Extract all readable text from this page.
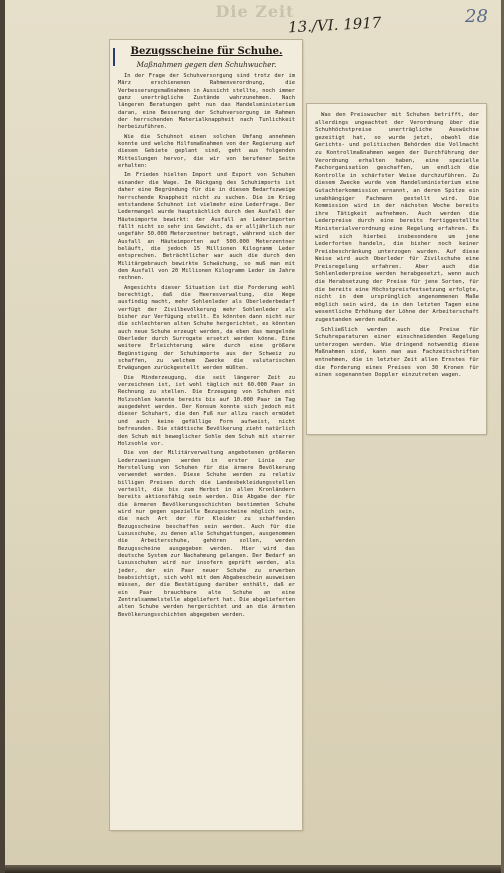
Die Zeit
13./VI. 1917	28
Bezugsscheine für Schuhe.
Maßnahmen gegen den Schuhwucher.

In der Frage der Schuhversorgung sind trotz der im März erschienenen Rahmenverordnung, die Verbesserungsmaßnahmen in Aussicht stellte, noch immer ganz unerträgliche Zustände wahrzunehmen. Nach längeren Beratungen geht nun das Handelsministerium daran, eine Besserung der Schuhversorgung im Rahmen der herrschenden Materialknappheit nach Tunlichkeit herbeizuführen.

Wie die Schuhnot einen solchen Umfang annehmen konnte und welche Hilfsmaßnahmen von der Regierung auf diesem Gebiete geplant sind, geht aus folgenden Mitteilungen hervor, die wir von berufener Seite erhalten:

Im Frieden hielten Import und Export von Schuhen einander die Wage. Im Rückgang des Schuhimports ist daher eine Begründung für die in diesem Bedarfszweige herrschende Knappheit nicht zu suchen. Die im Krieg entstandene Schuhnot ist vielmehr eine Lederfrage. Der Ledermangel wurde hauptsächlich durch den Ausfall der Häuteimporte bewirkt: der Ausfall an Lederimporten fällt nicht so sehr ins Gewicht, da er alljährlich nur ungefähr 50.000 Meterzentner betragt, während sich der Ausfall an Häuteimporten auf 500.000 Meterzentner beläuft, die jedoch 15 Millionen Kilogramm Leder entsprechen. Beträchtlicher war auch die durch den Militärgebrauch bewirkte Schwächung, so muß man mit dem Ausfall von 20 Millionen Kilogramm Leder im Jahre rechnen.

Angesichts dieser Situation ist die Forderung wohl berechtigt, daß die Heeresverwaltung, die Wege ausfindig macht, mehr Sohlenleder als Oberlederbedarf verfügt der Zivilbevölkerung mehr Sohlenleder als bisher zur Verfügung stellt. Es könnten dann nicht nur die schlechteren alten Schuhe hergerichtet, es könnten auch neue Schuhe erzeugt werden, da eben das mangelnde Oberleder durch Surrogate ersetzt werden könne. Eine weitere Erleichterung wäre durch eine größere Begünstigung der Schuhimporte aus der Schweiz zu schaffen, zu welchem Zwecke die valutarischen Erwägungen zurückgestellt werden müßten.

Die Minderzeugung, die seit längerer Zeit zu verzeichnen ist, ist wohl täglich mit 60.000 Paar in Rechnung zu stellen. Die Erzeugung von Schuhen mit Holzsohlen kannte bereits bis auf 10.000 Paar im Tag ausgedehnt werden. Der Konsum konnte sich jedoch mit dieser Schuhart, die den Fuß nur allzu rasch ermüdet und auch keine gefällige Form aufweist, nicht befreunden. Die städtische Bevölkerung zieht natürlich den Schuh mit beweglicher Sohle dem Schuh mit starrer Holzsohle vor.

Die von der Militärverwaltung angebotenen größeren Lederzuweisungen werden in erster Linie zur Herstellung von Schuhen für die ärmere Bevölkerung verwendet werden. Diese Schuhe werden zu relativ billigen Preisen durch die Landesbekleidungsstellen verteilt, die bis zum Herbst in allen Kronländern bereits aktionsfähig sein werden. Die Abgabe der für die ärmeren Bevölkerungsschichten bestimmten Schuhe wird nur gegen spezielle Bezugsscheine möglich sein, die nach Art der für Kleider zu schaffenden Bezugsscheine beschaffen sein werden. Auch für die Luxusschuhe, zu denen alle Schuhgattungen, ausgenommen die Arbeiterschuhe, gehören sollen, werden Bezugsscheine ausgegeben werden. Hier wird das deutsche System zur Nachahmung gelangen. Der Bedarf an Luxusschuhen wird nur insofern geprüft werden, als jeder, der ein Paar neuer Schuhe zu erwerben beabsichtigt, sich wohl mit dem Abgabeschein ausweisen müssen, der die Bestätigung darüber enthält, daß er ein Paar brauchbare alte Schuhe an eine Zentralsammelstelle abgeliefert hat. Die abgelieferten alten Schuhe werden hergerichtet und an die ärmsten Bevölkerungsschichten abgegeben werden.

Was den Preiswucher mit Schuhen betrifft, der allerdings ungeachtet der Verordnung über die Schuhhöchstpreise unerträgliche Auswüchse gezeitigt hat, so wurde jetzt, obwohl die Gerichts- und politischen Behörden die Vollmacht zu Kontrollmaßnahmen wegen der Durchführung der Verordnung erhalten haben, eine spezielle Fachorganisation geschaffen, um endlich die Kontrolle in schärfster Weise durchzuführen. Zu diesem Zwecke wurde vom Handelsministerium eine Gutachterkommission ernannt, an deren Spitze ein unabhängiger Fachmann gestellt wird. Die Kommission wird in der nächsten Woche bereits ihre Tätigkeit aufnehmen. Auch werden die Lederpreise durch eine bereits fertiggestellte Ministerialverordnung eine Regelung erfahren. Es wird sich hierbei insbesondere um jene Lederforten handeln, die bisher noch keiner Preisbeschränkung unterzogen wurden. Auf diese Weise wird auch Oberleder für Zivilschuhe eine Preisregelung erfahren. Aber auch die Sohlenlederpreise werden herabgesetzt, wenn auch die Herabsetzung der Preise für jene Sorten, für die bereits eine Höchstpreisfestsetzung erfolgte, nicht in dem ursprünglich angenommenen Maße möglich sein wird, da in den letzten Tagen eine wesentliche Erhöhung der Löhne der Arbeiterschaft zugestanden werden mußte.

Schließlich werden auch die Preise für Schuhreparaturen einer einschneidenden Regelung unterzogen werden. Wie dringend notwendig diese Maßnahmen sind, kann man aus Fachzeitschriften entnehmen, die in letzter Zeit allen Ernstes für die Forderung eines Preises von 30 Kronen für einen sogenannten Doppler einzutreten wagen.
